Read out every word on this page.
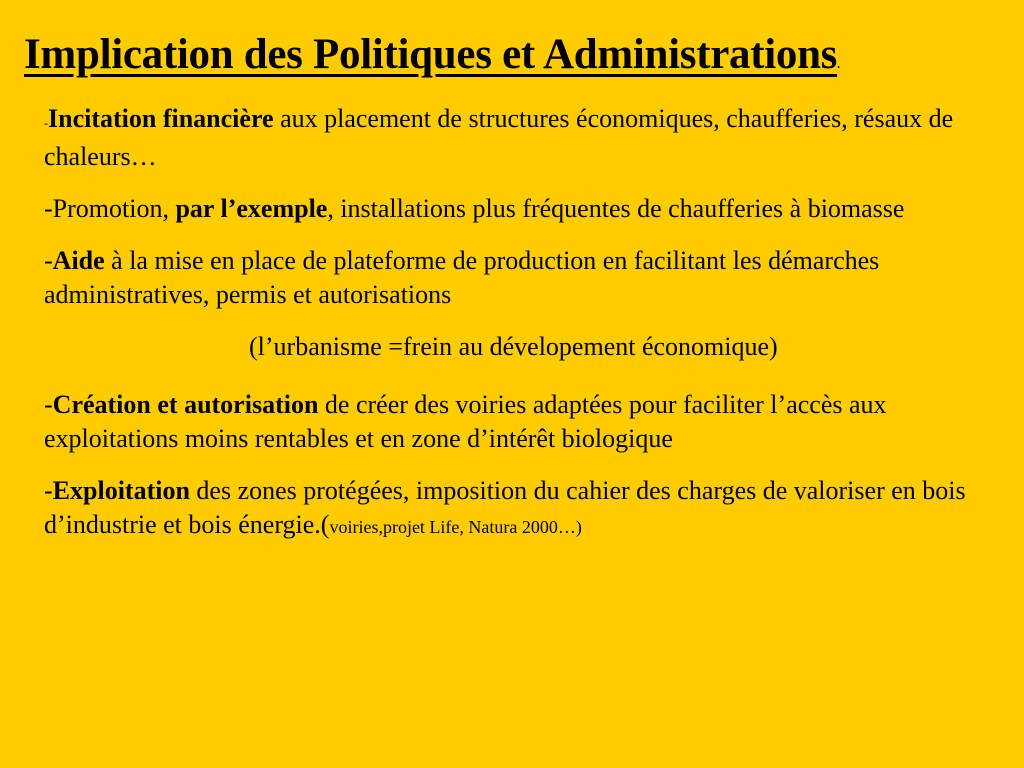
Implication des Politiques et Administrations.

-Incitation financière aux placement de structures économiques, chaufferies, résaux de chaleurs…

-Promotion, par l’exemple, installations plus fréquentes de chaufferies à biomasse

-Aide à la mise en place de plateforme de production en facilitant les démarches administratives, permis et autorisations

(l’urbanisme =frein au dévelopement économique)

-Création et autorisation de créer des voiries adaptées pour faciliter l’accès aux exploitations moins rentables et en zone d’intérêt biologique

-Exploitation des zones protégées, imposition du cahier des charges de valoriser en bois d’industrie et bois énergie.(voiries,projet Life, Natura 2000…)
